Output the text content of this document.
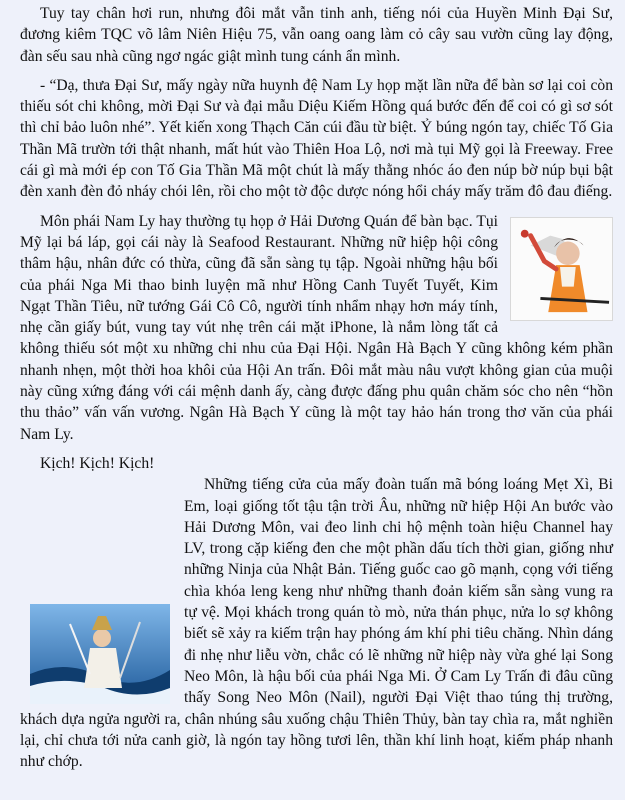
Tuy tay chân hơi run, nhưng đôi mắt vẫn tinh anh, tiếng nói của Huyền Minh Đại Sư, đương kiêm TQC võ lâm Niên Hiệu 75, vẫn oang oang làm cỏ cây sau vườn cũng lay động, đàn sếu sau nhà cũng ngơ ngác giật mình tung cánh ẩn mình.

- “Dạ, thưa Đại Sư, mấy ngày nữa huynh đệ Nam Ly họp mặt lần nữa để bàn sơ lại coi còn thiếu sót chi không, mời Đại Sư và đại mẫu Diệu Kiếm Hồng quá bước đến để coi có gì sơ sót thì chỉ bảo luôn nhé”. Yết kiến xong Thạch Căn cúi đầu từ biệt. Ỷ búng ngón tay, chiếc Tố Gia Thần Mã trườn tới thật nhanh, mất hút vào Thiên Hoa Lộ, nơi mà tụi Mỹ gọi là Freeway. Free cái gì mà mới ép con Tố Gia Thần Mã một chút là mấy thằng nhóc áo đen núp bờ núp bụi bật đèn xanh đèn đỏ nháy chói lên, rồi cho một tờ độc dược nóng hổi cháy mấy trăm đô đau điếng.

Môn phái Nam Ly hay thường tụ họp ở Hải Dương Quán để bàn bạc. Tụi Mỹ lại bá láp, gọi cái này là Seafood Restaurant. Những nữ hiệp hội công thâm hậu, nhân đức có thừa, cũng đã sẵn sàng tụ tập. Ngoài những hậu bối của phái Nga Mi thao binh luyện mã như Hồng Canh Tuyết Tuyết, Kim Ngạt Thần Tiêu, nữ tướng Gái Cô Cô, người tính nhẩm nhạy hơn máy tính, nhẹ cần giấy bút, vung tay vút nhẹ trên cái mặt iPhone, là nắm lòng tất cả không thiếu sót một xu những chi nhu của Đại Hội. Ngân Hà Bạch Y cũng không kém phần nhanh nhẹn, một thời hoa khôi của Hội An trấn. Đôi mắt màu nâu vượt không gian của muội này cũng xứng đáng với cái mệnh danh ấy, càng được đấng phu quân chăm sóc cho nên “hồn thu thảo” vấn vấn vương. Ngân Hà Bạch Y cũng là một tay hảo hán trong thơ văn của phái Nam Ly.

Kịch! Kịch! Kịch!

Những tiếng cửa của mấy đoàn tuấn mã bóng loáng Mẹt Xì, Bi Em, loại giống tốt tậu tận trời Âu, những nữ hiệp Hội An bước vào Hải Dương Môn, vai đeo linh chi hộ mệnh toàn hiệu Channel hay LV, trong cặp kiếng đen che một phần dấu tích thời gian, giống như những Ninja của Nhật Bản. Tiếng guốc cao gõ mạnh, cọng với tiếng chìa khóa leng keng như những thanh đoản kiếm sẵn sàng vung ra tự vệ. Mọi khách trong quán tò mò, nửa thán phục, nửa lo sợ không biết sẽ xảy ra kiếm trận hay phóng ám khí phi tiêu chăng. Nhìn dáng đi nhẹ như liễu vờn, chắc có lẽ những nữ hiệp này vừa ghé lại Song Neo Môn, là hậu bối của phái Nga Mi. Ở Cam Ly Trấn đi đâu cũng thấy Song Neo Môn (Nail), người Đại Việt thao túng thị trường, khách dựa ngửa người ra, chân nhúng sâu xuống chậu Thiên Thủy, bàn tay chìa ra, mắt nghiền lại, chỉ chưa tới nửa canh giờ, là ngón tay hồng tươi lên, thần khí linh hoạt, kiếm pháp nhanh như chớp.
